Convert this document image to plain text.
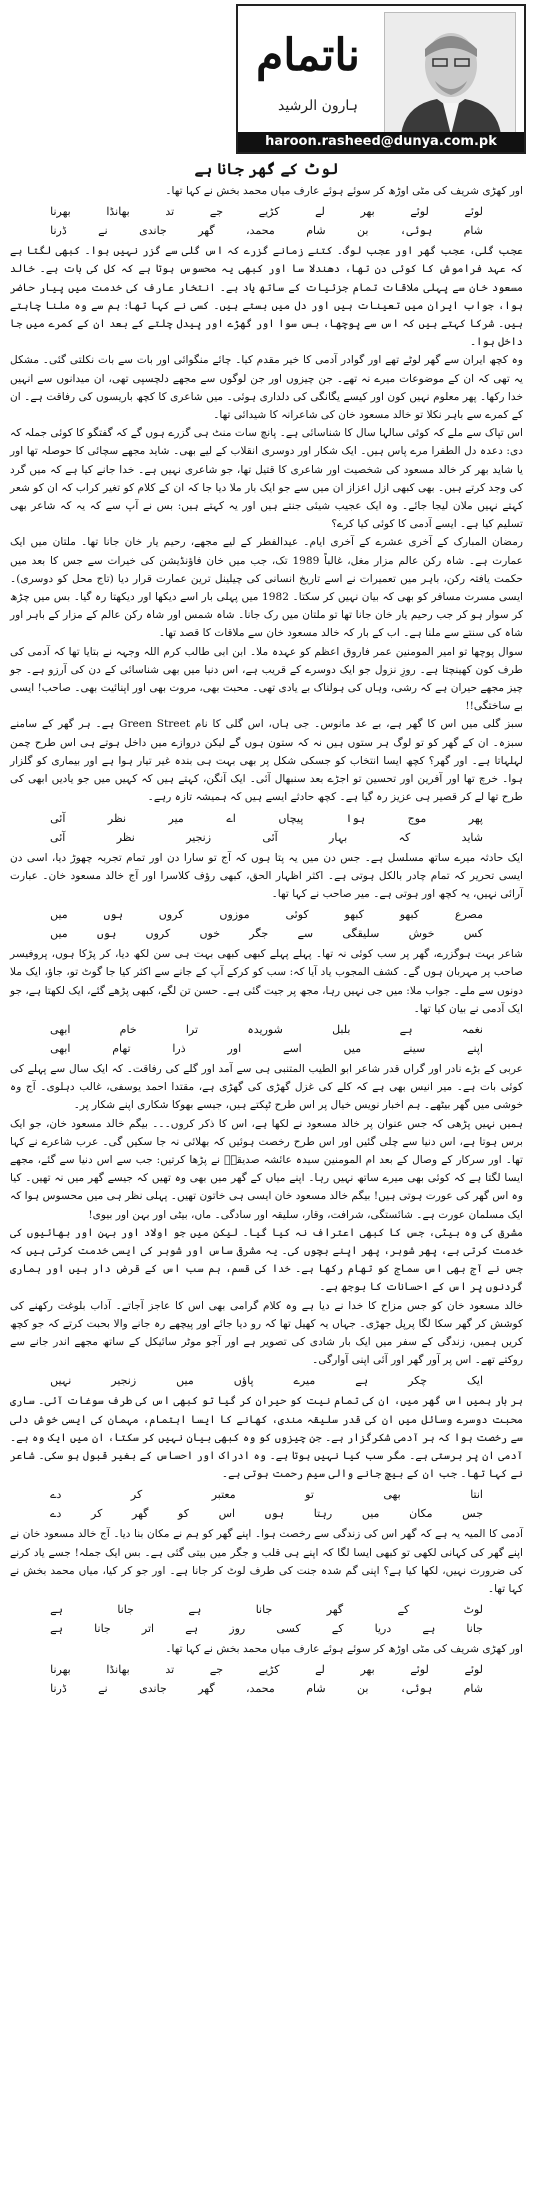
ناتمام
ہارون الرشید
haroon.rasheed@dunya.com.pk
لوٹ کے گھر جانا ہے

اور کھڑی شریف کی مٹی اوڑھ کر سوئے ہوئے عارف میاں محمد بخش نے کہا تھا۔

لوئے
لوئے
بھر
لے
کڑیے
جے
تد
بھانڈا
بھرنا
شام
ہوئی،
بن
شام
محمد،
گھر
جاندی
نے
ڈرنا

عجب گلی، عجب گھر اور عجب لوگ۔ کتنے زمانے گزرے کہ اس گلی سے گزر نہیں ہوا۔ کبھی لگتا ہے کہ عہد فراموش کا کوئی دن تھا، دھندلا سا اور کبھی یہ محسوس ہوتا ہے کہ کل کی بات ہے۔ خالد مسعود خان سے پہلی ملاقات تمام جزئیات کے ساتھ یاد ہے۔ انتخار عارف کی خدمت میں پیار حاضر ہوا، جواب ایران میں تعینات ہیں اور دل میں بستے ہیں۔ کسی نے کہا تھا: ہم سے وہ ملنا چاہتے ہیں۔ شرکا کہتے ہیں کہ اس سے پوچھا، بس سوا اور گھڑے اور پیدل چلتے کے بعد ان کے کمرے میں جا داخل ہوا۔

وہ کچھ ایران سے گھر لوٹے تھے اور گوادر آدمی کا خیر مقدم کیا۔ چائے منگوائی اور بات سے بات نکلتی گئی۔ مشکل یہ تھی کہ ان کے موضوعات میرے نہ تھے۔ جن چیزوں اور جن لوگوں سے مجھے دلچسپی تھی، ان میدانوں سے انہیں خدا رکھا۔ پھر معلوم نہیں کون اور کیسے یگانگی کی دلداری ہوئی۔ میں شاعری کا کچھ باریسوں کی رفاقت ہے۔ ان کے کمرے سے باہر نکلا تو خالد مسعود خان کی شاعرانہ کا شیدائی تھا۔

اس تپاک سے ملے کہ کوئی سالہا سال کا شناسائی ہے۔ پانچ سات منٹ ہی گزرے ہوں گے کہ گفتگو کا کوئی جملہ کہ دی: دعدہ دل الطفرا مرے پاس ہیں۔ ایک شکار اور دوسری انقلاب کے لیے بھی۔ شاید مجھے سچائی کا حوصلہ تھا اور یا شاید بھر کر خالد مسعود کی شخصیت اور شاعری کا قتیل تھا، جو شاعری نہیں ہے۔ خدا جانے کیا ہے کہ میں گرد کی وجد کرتے ہیں۔ بھی کبھی ازل اعزاز ان میں سے جو ایک بار ملا دیا جا کہ ان کے کلام کو تغیر کراب کہ ان کو شعر کہتے نہیں ملان لیجا جائے۔ وہ ایک عجیب شیئی جنتے ہیں اور یہ کہتے ہیں: بس نے آپ سے کہ یہ کہ شاعر بھی تسلیم کیا ہے۔ ایسے آدمی کا کوئی کیا کرے؟

رمضان المبارک کے آخری عشرے کے آخری ایام۔ عیدالفطر کے لیے مجھے، رحیم یار خان جانا تھا۔ ملتان میں ایک عمارت ہے۔ شاہ رکن عالم مزار مغل، غالباً 1989 تک، جب میں خان فاؤنڈیشن کی خیرات سے جس کا بعد میں حکمت یافتہ رکن، باہر میں تعمیرات نے اسے تاریخ انسانی کی چیلینل ترین عمارت قرار دیا (تاج محل کو دوسری)۔ ایسی مسرت مسافر کو بھی کہ بیان نہیں کر سکتا۔ 1982 میں پہلی بار اسے دیکھا اور دیکھتا رہ گیا۔ بس میں چڑھ کر سوار ہو کر جب رحیم یار خان جانا تھا تو ملتان میں رک جانا۔ شاہ شمس اور شاہ رکن عالم کے مزار کے باہر اور شاہ کی سنتے سے ملنا ہے۔ اب کے بار کہ خالد مسعود خان سے ملاقات کا قصد تھا۔

سوال پوچھا تو امیر المومنین عمر فاروق اعظم کو عہدہ ملا۔ ابن ابی طالب کرم اللہ وجہہ نے بتایا تھا کہ آدمی کی طرف کون کھینچتا ہے۔ روزِ نزول جو ایک دوسرے کے قریب ہے، اس دنیا میں بھی شناسائی کے دن کی آرزو ہے۔ جو چیز مجھے حیران ہے کہ رشی، وہاں کی ہولناک بے یادی تھی۔ محبت بھی، مروت بھی اور اپنائیت بھی۔ صاحب! ایسی بے ساختگی!!

سبز گلی میں اس کا گھر ہے، بے عد مانوس۔ جی ہاں، اس گلی کا نام Green Street ہے۔ ہر گھر کے سامنے سبزہ۔ ان کے گھر کو تو لوگ ہر ستوں ہیں نہ کہ ستون ہوں گے لیکن دروازے میں داخل ہوتے ہی اس طرح چمن لہلہاتا ہے۔ اور گھر؟ کچھ ایسا انتخاب کو جسکی شکل پر بھی بہت ہی بندہ غیر تیار ہوا ہے اور بیماری کو گلزار ہوا۔ خرچ تھا اور آفرین اور تحسین تو اجڑے بعد سنبھال آئی۔ ایک آنگن، کہتے ہیں کہ کہیں میں جو یادیں ابھی کی طرح تھا لے کر قصیر ہی عزیز رہ گیا ہے۔ کچھ حادثے ایسے ہیں کہ ہمیشہ تازہ رہے۔

پھر
موج
ہوا
پیچاں
اے
میر
نظر
آئی
شاید
کہ
بہار
آئی
زنجیر
نظر
آئی

ایک حادثہ میرے ساتھ مسلسل ہے۔ جس دن میں یہ پتا ہوں کہ آج تو سارا دن اور تمام تجربہ چھوڑ دیا، اسی دن ایسی تحریر کہ تمام چادر بالکل ہوتی ہے۔ اکثر اظہار الحق، کبھی رؤف کلاسرا اور آج خالد مسعود خان۔ عبارت آرائی نہیں، یہ کچھ اور ہوتی ہے۔ میر صاحب نے کہا تھا۔

مصرع
کبھو
کبھو
کوئی
موزوں
کروں
ہوں
میں
کس
خوش
سلیقگی
سے
جگر
خوں
کروں
ہوں
میں

شاعر بہت ہوگزرے، گھر پر سب کوئی نہ تھا۔ پہلے پہلے کبھی کبھی بہت ہی سن لکھ دیا، کر پڑکا ہوں، پروفیسر صاحب پر مہربان ہوں گے۔ کشف المجوب یاد آیا کہ: سب کو کرکے آپ کے جانے سے اکثر کیا جا گوٹ تو، جاؤ، ایک ملا دونوں سے ملے۔ جواب ملا: میں جی نہیں رہا، مجھ پر جیت گئی ہے۔ حسن تن لگے، کبھی پڑھے گئے، ایک لکھتا ہے، جو ایک آدمی نے بیان کیا تھا۔

نغمہ
ہے
بلبل
شوریدہ
ترا
خام
ابھی
اپنے
سینے
میں
اسے
اور
ذرا
تھام
ابھی

عربی کے بڑے نادر اور گراں قدر شاعر ابو الطیب المتنبی ہی سے آمد اور گلے کی رفاقت۔ کہ ایک سال سے پہلے کی کوئی بات ہے۔ میر انیس بھی ہے کہ کلے کی غزل گھڑی کی گھڑی ہے، مقتدا احمد یوسفی، غالب دہلوی۔ آج وہ خوشی میں گھر بیٹھے۔ ہم اخبار نویس خیال پر اس طرح ٹپکتے ہیں، جیسے بھوکا شکاری اپنے شکار پر۔

ہمیں نہیں پڑھی کہ جس عنوان پر خالد مسعود نے لکھا ہے، اس کا ذکر کروں۔۔۔ بیگم خالد مسعود خان، جو ایک برس ہوتا ہے، اس دنیا سے چلی گئیں اور اس طرح رخصت ہوئیں کہ بھلائی نہ جا سکیں گی۔ عرب شاعرے نے کہا تھا۔ اور سرکار کے وصال کے بعد ام المومنین سیدہ عائشہ صدیقہؓ نے پڑھا کرتیں: جب سے اس دنیا سے گئے، مجھے ایسا لگتا ہے کہ کوئی بھی میرے ساتھ نہیں رہا۔ اپنے میاں کے گھر میں بھی وہ تھیں کہ جیسے گھر میں نہ تھیں۔ کیا وہ اس گھر کی عورت ہوتی ہیں! بیگم خالد مسعود خان ایسی ہی خاتون تھیں۔ پہلی نظر ہی میں محسوس ہوا کہ ایک مسلمان عورت ہے۔ شائستگی، شرافت، وقار، سلیقہ اور سادگی۔ ماں، بیٹی اور بہن اور بیوی!

مشرق کی وہ بیٹی، جس کا کبھی اعتراف نہ کیا گیا۔ لیکن میں جو اولاد اور بہن اور بھائیوں کی خدمت کرتی ہے، پھر شوہر، پھر اپنے بچوں کی۔ یہ مشرقی ساس اور شوہر کی ایسی خدمت کرتی ہیں کہ جس نے آج بھی اس سماج کو تھام رکھا ہے۔ خدا کی قسم، ہم سب اس کے قرض دار ہیں اور ہماری گردنوں پر اس کے احسانات کا بوجھ ہے۔

خالد مسعود خان کو جس مزاح کا خدا نے دیا ہے وہ کلام گرامی بھی اس کا عاجز آجاتے۔ آداب بلوغت رکھنے کی کوشش کر گھر سکا لگا پرپل جھڑی۔ جہاں یہ کھیل تھا کہ رو دیا جائے اور پیچھے رہ جانے والا بحبت کرتے کہ جو کچھ کریں ہمیں، زندگی کے سفر میں ایک بار شادی کی تصویر ہے اور آجو موٹر سائیکل کے ساتھ مجھے اندر جانے سے روکتے تھے۔ اس پر آور گھر اور آئی اپنی آوارگی۔

ایک
چکر
ہے
میرے
پاؤں
میں
زنجیر
نہیں

ہر بار ہمیں اس گھر میں، ان کی تمام نیت کو حیران کر گیا تو کبھی اس کی طرف سوغات آئی۔ ساری محبت دوسرے وسائل میں ان کی قدر سلیقہ مندی، کھانے کا ایسا اہتمام، مہمان کی ایسی خوش دلی سے رخصت ہوا کہ ہر آدمی شکرگزار ہے۔ جن چیزوں کو وہ کبھی بیان نہیں کر سکتا، ان میں ایک وہ ہے۔ آدمی ان پر برستی ہے۔ مگر سب کیا نہیں ہوتا ہے۔ وہ ادراک اور احساس کے بغیر قبول ہو سکی۔ شاعر نے کہا تھا۔ جب ان کے بیچ جانے والی سیم رحمت ہوتی ہے۔

انتا
بھی
تو
معتبر
کر
دے
جس
مکان
میں
رہتا
ہوں
اس
کو
گھر
کر
دے

آدمی کا المیہ یہ ہے کہ گھر اس کی زندگی سے رخصت ہوا۔ اپنے گھر کو ہم نے مکان بنا دیا۔ آج خالد مسعود خان نے اپنے گھر کی کہانی لکھی تو کبھی ایسا لگا کہ اپنے ہی قلب و جگر میں بیتی گئی ہے۔ بس ایک جملہ! جسے یاد کرنے کی ضرورت نہیں، لکھا کیا ہے؟ اپنی گم شدہ جنت کی طرف لوٹ کر جانا ہے۔ اور جو کر کیا، میاں محمد بخش نے کہا تھا۔

لوٹ
کے
گھر
جانا
ہے
جانا
ہے
جانا
ہے
دریا
کے
کسی
روز
ہے
اتر
جانا
ہے

اور کھڑی شریف کی مٹی اوڑھ کر سوئے ہوئے عارف میاں محمد بخش نے کہا تھا۔

لوئے
لوئے
بھر
لے
کڑیے
جے
تد
بھانڈا
بھرنا
شام
ہوئی،
بن
شام
محمد،
گھر
جاندی
نے
ڈرنا
